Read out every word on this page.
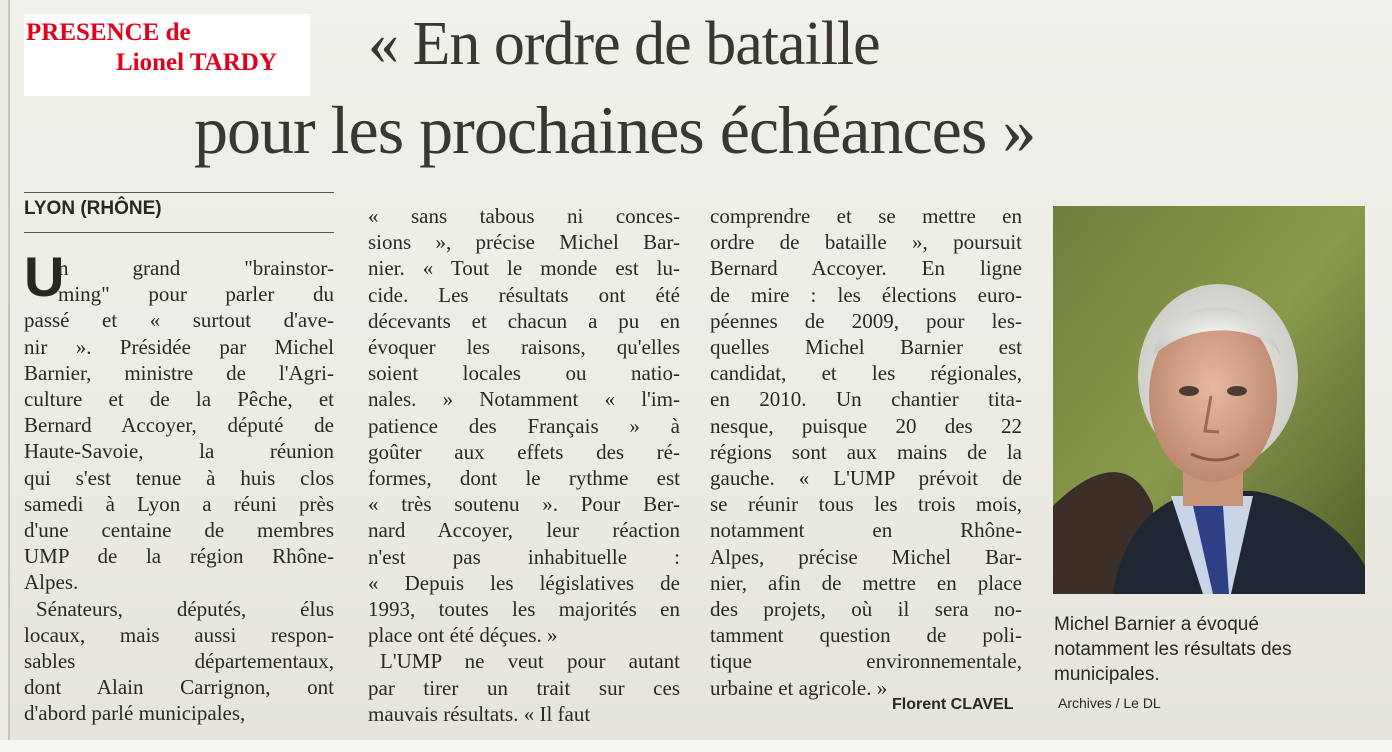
PRESENCE de
Lionel TARDY « En ordre de bataille
pour les prochaines échéances »
LYON (RHÔNE)
U
n grand "brainstor-
ming" pour parler du
passé et « surtout d'ave-
nir ». Présidée par Michel
Barnier, ministre de l'Agri-
culture et de la Pêche, et
Bernard Accoyer, député de
Haute-Savoie, la réunion
qui s'est tenue à huis clos
samedi à Lyon a réuni près
d'une centaine de membres
UMP de la région Rhône-
Alpes.
Sénateurs, députés, élus
locaux, mais aussi respon-
sables départementaux,
dont Alain Carrignon, ont
d'abord parlé municipales,
« sans tabous ni conces-
sions », précise Michel Bar-
nier. « Tout le monde est lu-
cide. Les résultats ont été
décevants et chacun a pu en
évoquer les raisons, qu'elles
soient locales ou natio-
nales. » Notamment « l'im-
patience des Français » à
goûter aux effets des ré-
formes, dont le rythme est
« très soutenu ». Pour Ber-
nard Accoyer, leur réaction
n'est pas inhabituelle :
« Depuis les législatives de
1993, toutes les majorités en
place ont été déçues. »
L'UMP ne veut pour autant
par tirer un trait sur ces
mauvais résultats. « Il faut
comprendre et se mettre en
ordre de bataille », poursuit
Bernard Accoyer. En ligne
de mire : les élections euro-
péennes de 2009, pour les-
quelles Michel Barnier est
candidat, et les régionales,
en 2010. Un chantier tita-
nesque, puisque 20 des 22
régions sont aux mains de la
gauche. « L'UMP prévoit de
se réunir tous les trois mois,
notamment en Rhône-
Alpes, précise Michel Bar-
nier, afin de mettre en place
des projets, où il sera no-
tamment question de poli-
tique environnementale,
urbaine et agricole. »
Florent CLAVEL
Michel Barnier a évoqué notamment les résultats des municipales.
Archives / Le DL
